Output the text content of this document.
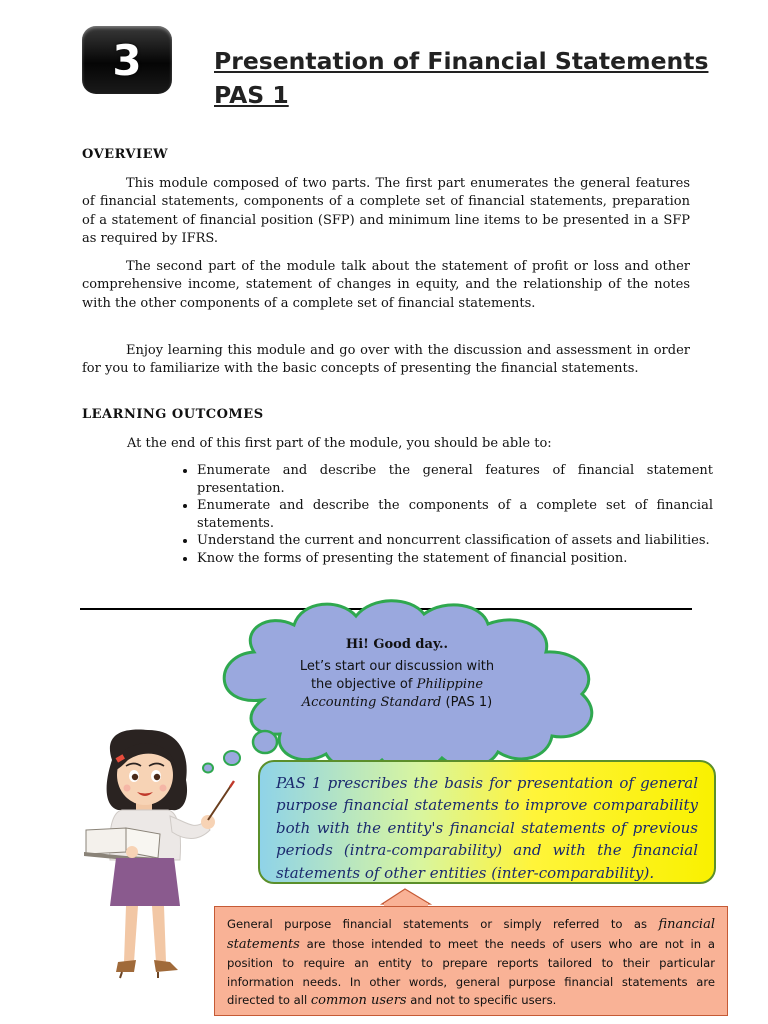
3	Presentation of Financial Statements
PAS 1
OVERVIEW
This module composed of two parts. The first part enumerates the general features of financial statements, components of a complete set of financial statements, preparation of a statement of financial position (SFP) and minimum line items to be presented in a SFP as required by IFRS.
The second part of the module talk about the statement of profit or loss and other comprehensive income, statement of changes in equity, and the relationship of the notes with the other components of a complete set of financial statements.
Enjoy learning this module and go over with the discussion and assessment in order for you to familiarize with the basic concepts of presenting the financial statements.
LEARNING OUTCOMES
At the end of this first part of the module, you should be able to:
• Enumerate and describe the general features of financial statement presentation.
• Enumerate and describe the components of a complete set of financial statements.
• Understand the current and noncurrent classification of assets and liabilities.
• Know the forms of presenting the statement of financial position.
Hi! Good day..
Let’s start our discussion with
the objective of Philippine
Accounting Standard (PAS 1)
PAS 1 prescribes the basis for presentation of general purpose financial statements to improve comparability both with the entity's financial statements of previous periods (intra-comparability) and with the financial statements of other entities (inter-comparability).
General purpose financial statements or simply referred to as financial statements are those intended to meet the needs of users who are not in a position to require an entity to prepare reports tailored to their particular information needs. In other words, general purpose financial statements are directed to all common users and not to specific users.
